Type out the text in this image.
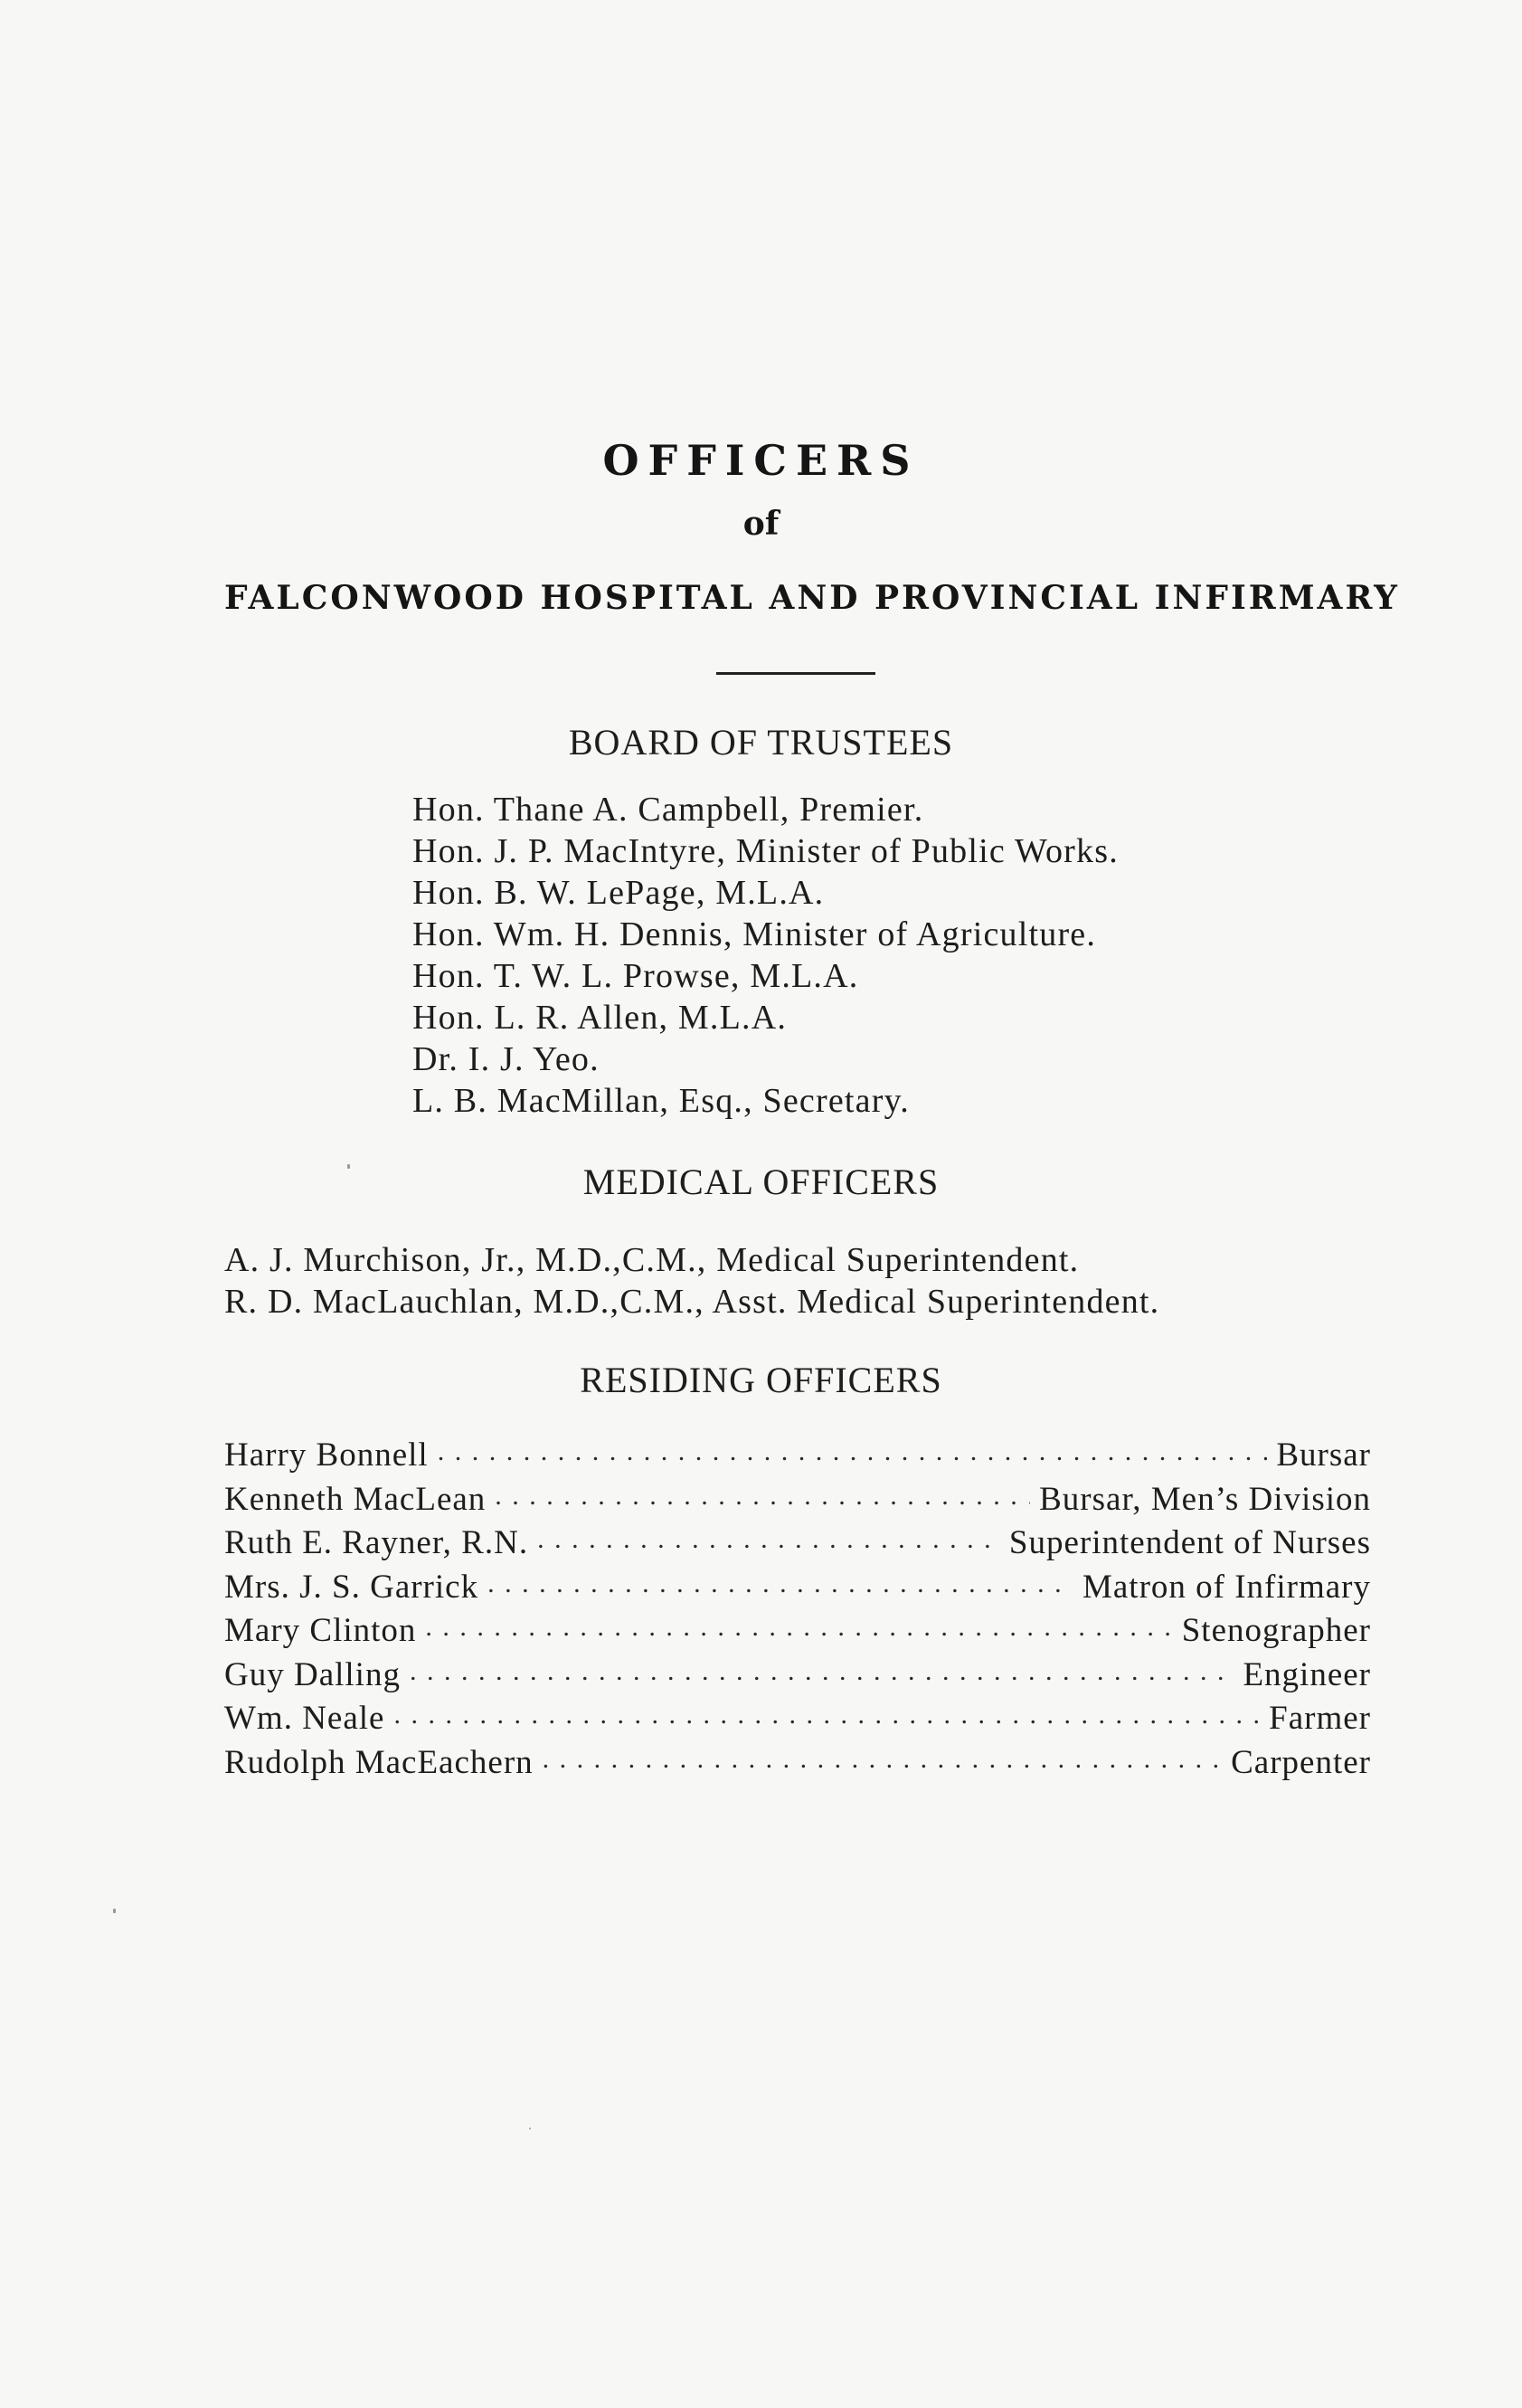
OFFICERS
of
FALCONWOOD HOSPITAL AND PROVINCIAL INFIRMARY
BOARD OF TRUSTEES
Hon. Thane A. Campbell, Premier.
Hon. J. P. MacIntyre, Minister of Public Works.
Hon. B. W. LePage, M.L.A.
Hon. Wm. H. Dennis, Minister of Agriculture.
Hon. T. W. L. Prowse, M.L.A.
Hon. L. R. Allen, M.L.A.
Dr. I. J. Yeo.
L. B. MacMillan, Esq., Secretary.
MEDICAL OFFICERS
A. J. Murchison, Jr., M.D.,C.M., Medical Superintendent.
R. D. MacLauchlan, M.D.,C.M., Asst. Medical Superintendent.
RESIDING OFFICERS
Harry Bonnell . . .	Bursar
Kenneth MacLean . . .	Bursar, Men’s Division
Ruth E. Rayner, R.N. . . .	Superintendent of Nurses
Mrs. J. S. Garrick . . .	Matron of Infirmary
Mary Clinton . . .	Stenographer
Guy Dalling . . .	Engineer
Wm. Neale . . .	Farmer
Rudolph MacEachern . . .	Carpenter
